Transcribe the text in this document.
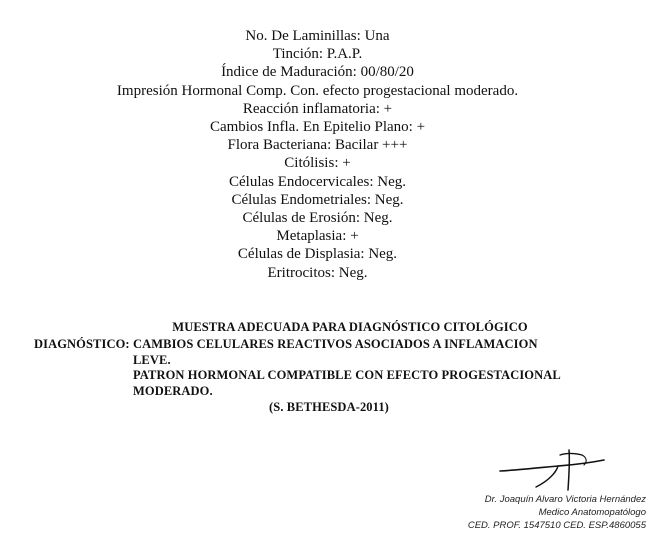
No. De Laminillas: Una
Tinción: P.A.P.
Índice de Maduración: 00/80/20
Impresión Hormonal Comp. Con. efecto progestacional moderado.
Reacción inflamatoria: +
Cambios Infla. En Epitelio Plano: +
Flora Bacteriana: Bacilar +++
Citólisis: +
Células Endocervicales: Neg.
Células Endometriales: Neg.
Células de Erosión: Neg.
Metaplasia: +
Células de Displasia: Neg.
Eritrocitos: Neg.
MUESTRA ADECUADA PARA DIAGNÓSTICO CITOLÓGICO
DIAGNÓSTICO: CAMBIOS CELULARES REACTIVOS ASOCIADOS A INFLAMACION
LEVE.
PATRON HORMONAL COMPATIBLE CON EFECTO PROGESTACIONAL
MODERADO.
(S. BETHESDA-2011)
Dr. Joaquín Alvaro Victoria Hernández
Medico Anatomopatólogo
CED. PROF. 1547510 CED. ESP.4860055
